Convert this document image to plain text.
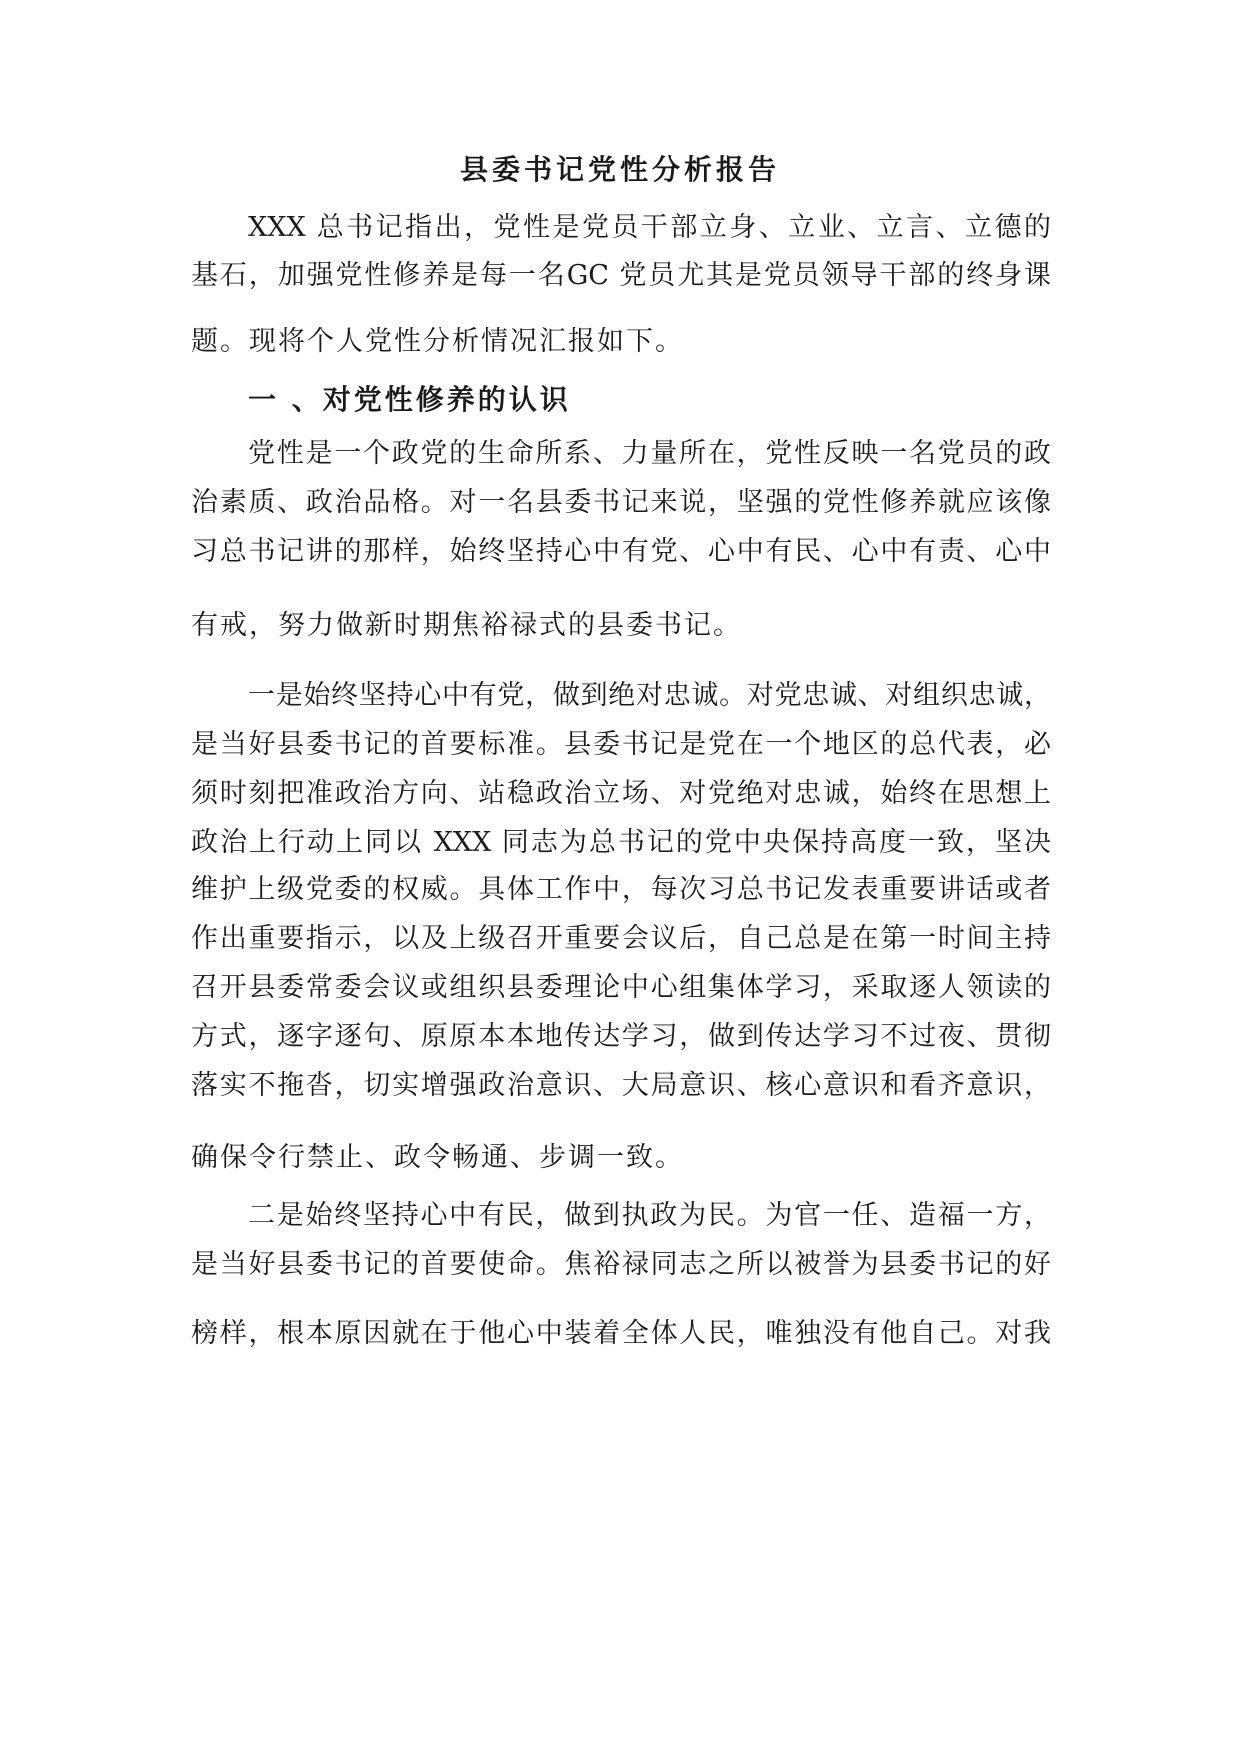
县委书记党性分析报告
XXX 总书记指出，党性是党员干部立身、立业、立言、立德的
基石，加强党性修养是每一名GC 党员尤其是党员领导干部的终身课
题。现将个人党性分析情况汇报如下。
一 、对党性修养的认识
党性是一个政党的生命所系、力量所在，党性反映一名党员的政
治素质、政治品格。对一名县委书记来说，坚强的党性修养就应该像
习总书记讲的那样，始终坚持心中有党、心中有民、心中有责、心中
有戒，努力做新时期焦裕禄式的县委书记。
一是始终坚持心中有党，做到绝对忠诚。对党忠诚、对组织忠诚，
是当好县委书记的首要标准。县委书记是党在一个地区的总代表，必
须时刻把准政治方向、站稳政治立场、对党绝对忠诚，始终在思想上
政治上行动上同以 XXX 同志为总书记的党中央保持高度一致，坚决
维护上级党委的权威。具体工作中，每次习总书记发表重要讲话或者
作出重要指示，以及上级召开重要会议后，自己总是在第一时间主持
召开县委常委会议或组织县委理论中心组集体学习，采取逐人领读的
方式，逐字逐句、原原本本地传达学习，做到传达学习不过夜、贯彻
落实不拖沓，切实增强政治意识、大局意识、核心意识和看齐意识，
确保令行禁止、政令畅通、步调一致。
二是始终坚持心中有民，做到执政为民。为官一任、造福一方，
是当好县委书记的首要使命。焦裕禄同志之所以被誉为县委书记的好
榜样，根本原因就在于他心中装着全体人民，唯独没有他自己。对我
